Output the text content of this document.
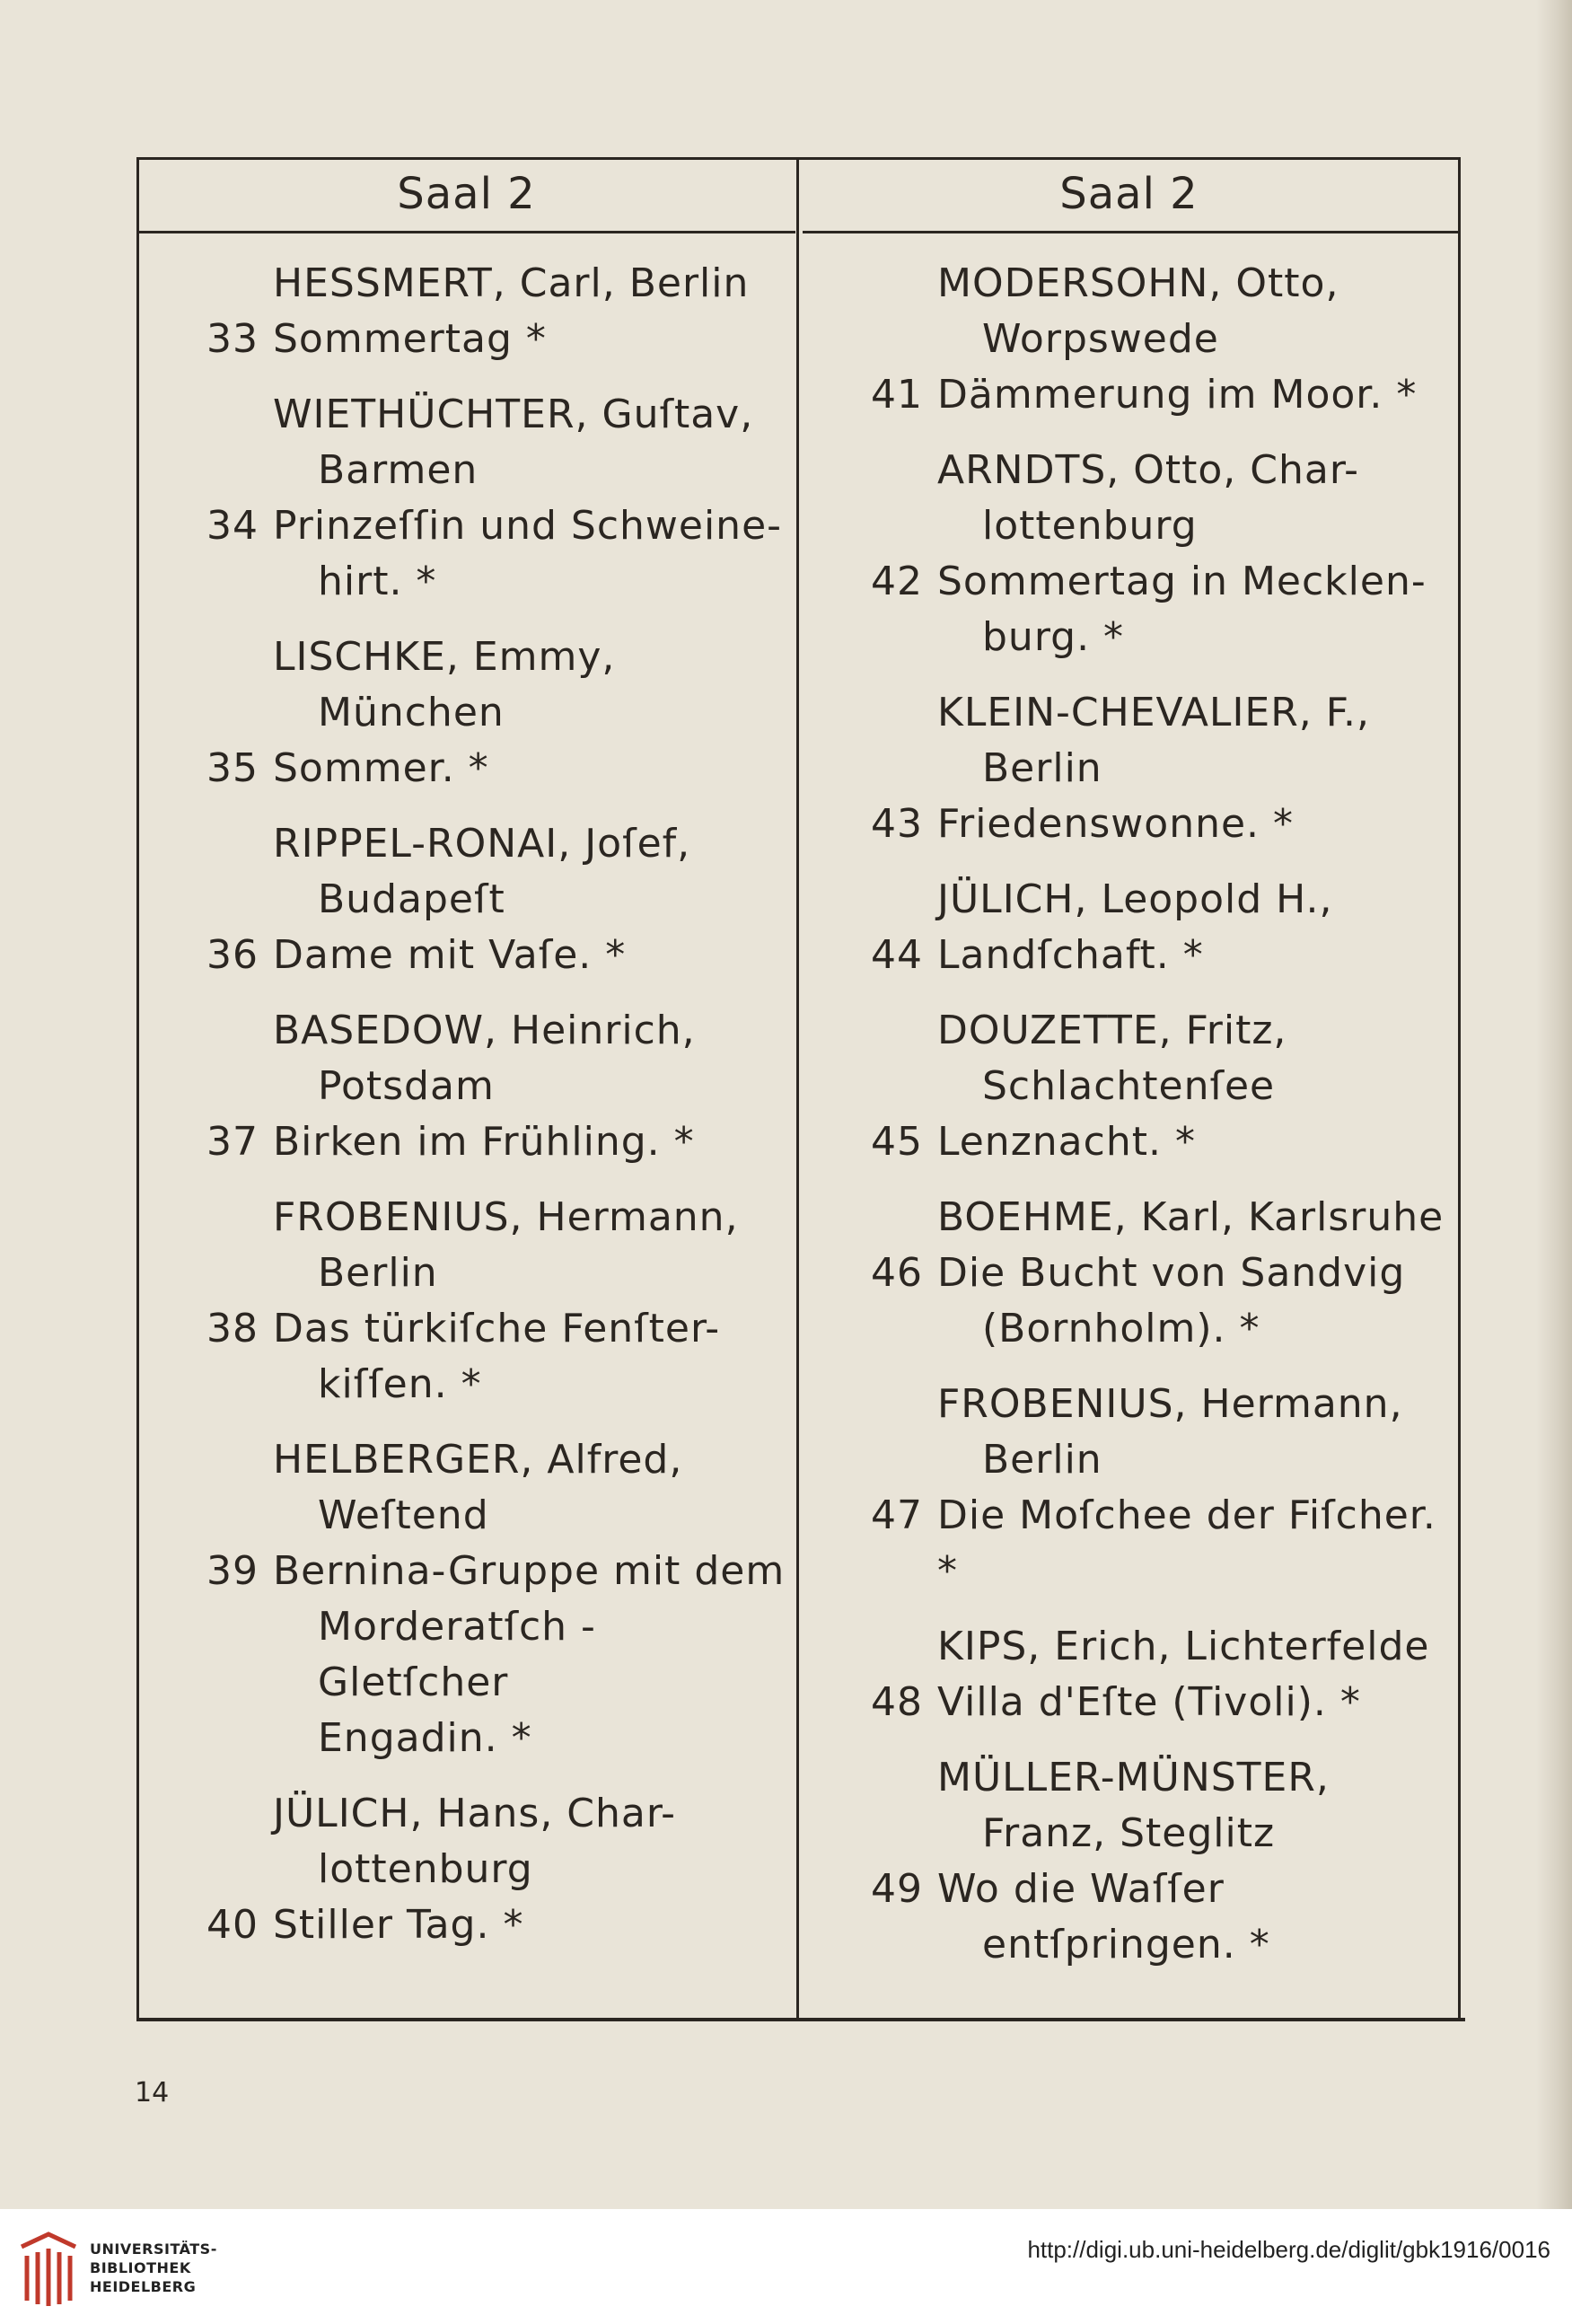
Saal 2	Saal 2
HESSMERT, Carl, Berlin
33 Sommertag *
WIETHÜCHTER, Guſtav,
Barmen
34 Prinzeſſin und Schweine-
hirt. *
LISCHKE, Emmy,
München
35 Sommer. *
RIPPEL-RONAI, Joſef,
Budapeſt
36 Dame mit Vaſe. *
BASEDOW, Heinrich,
Potsdam
37 Birken im Frühling. *
FROBENIUS, Hermann,
Berlin
38 Das türkiſche Fenſter-
kiſſen. *
HELBERGER, Alfred,
Weſtend
39 Bernina-Gruppe mit dem
Morderatſch - Gletſcher
Engadin. *
JÜLICH, Hans, Char-
lottenburg
40 Stiller Tag. *
MODERSOHN, Otto,
Worpswede
41 Dämmerung im Moor. *
ARNDTS, Otto, Char-
lottenburg
42 Sommertag in Mecklen-
burg. *
KLEIN-CHEVALIER, F.,
Berlin
43 Friedenswonne. *
JÜLICH, Leopold H.,
44 Landſchaft. *
DOUZETTE, Fritz,
Schlachtenſee
45 Lenznacht. *
BOEHME, Karl, Karlsruhe
46 Die Bucht von Sandvig
(Bornholm). *
FROBENIUS, Hermann,
Berlin
47 Die Moſchee der Fiſcher. *
KIPS, Erich, Lichterfelde
48 Villa d'Eſte (Tivoli). *
MÜLLER-MÜNSTER,
Franz, Steglitz
49 Wo die Waſſer
entſpringen. *
14
UNIVERSITÄTS-
BIBLIOTHEK
HEIDELBERG
http://digi.ub.uni-heidelberg.de/diglit/gbk1916/0016
